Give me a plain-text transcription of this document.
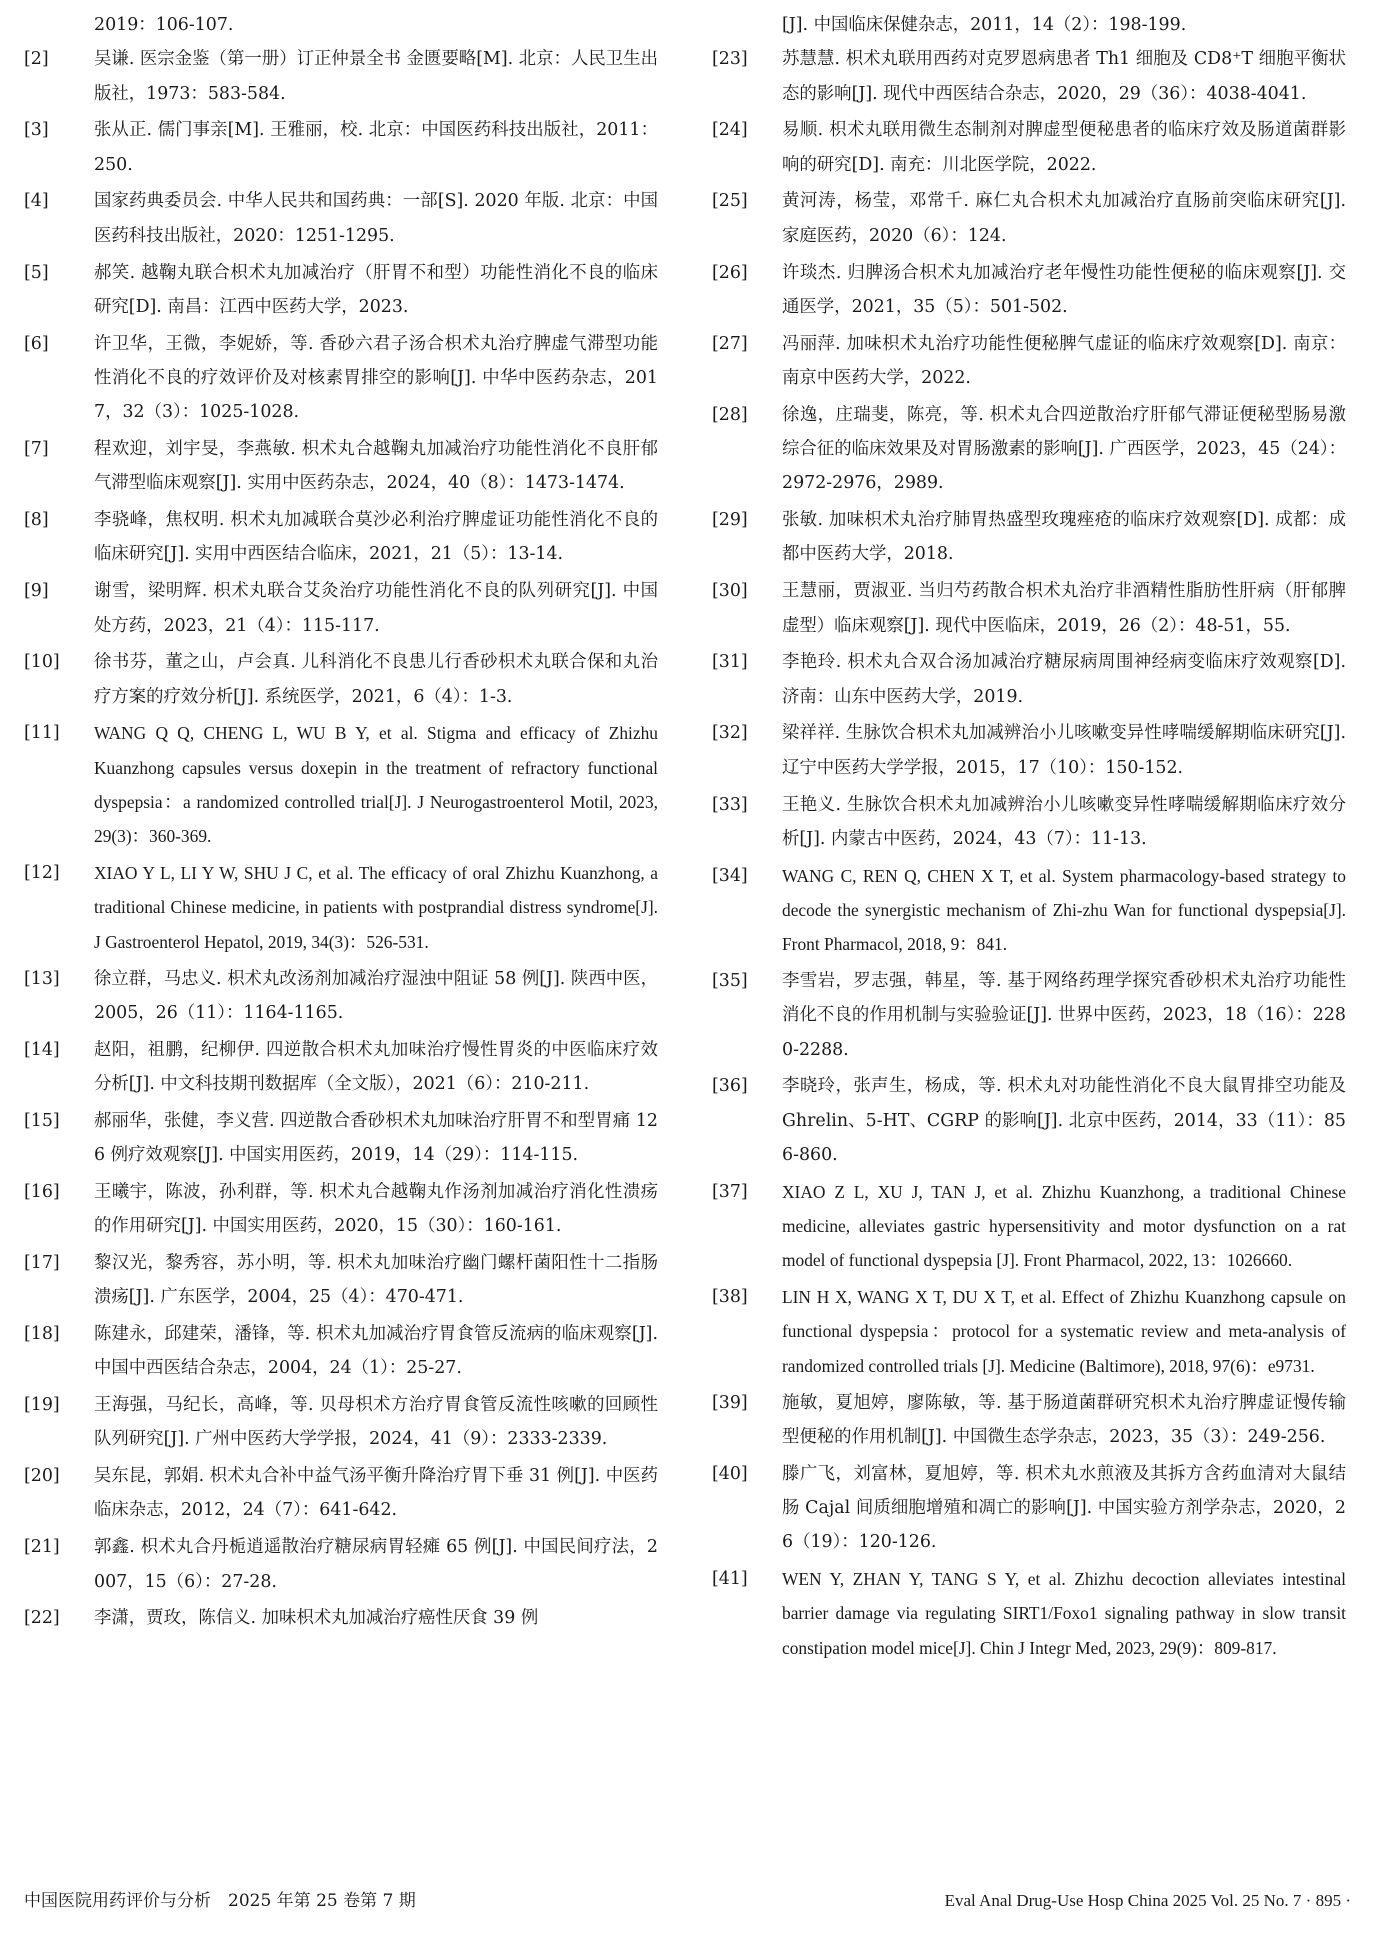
2019：106-107.
[2]	吴谦. 医宗金鉴（第一册）订正仲景全书 金匮要略[M]. 北京：人民卫生出版社，1973：583-584.
[3]	张从正. 儒门事亲[M]. 王雅丽，校. 北京：中国医药科技出版社，2011：250.
[4]	国家药典委员会. 中华人民共和国药典：一部[S]. 2020 年版. 北京：中国医药科技出版社，2020：1251-1295.
[5]	郝笑. 越鞠丸联合枳术丸加减治疗（肝胃不和型）功能性消化不良的临床研究[D]. 南昌：江西中医药大学，2023.
[6]	许卫华，王微，李妮娇，等. 香砂六君子汤合枳术丸治疗脾虚气滞型功能性消化不良的疗效评价及对核素胃排空的影响[J]. 中华中医药杂志，2017，32（3）：1025-1028.
[7]	程欢迎，刘宇旻，李燕敏. 枳术丸合越鞠丸加减治疗功能性消化不良肝郁气滞型临床观察[J]. 实用中医药杂志，2024，40（8）：1473-1474.
[8]	李骁峰，焦权明. 枳术丸加减联合莫沙必利治疗脾虚证功能性消化不良的临床研究[J]. 实用中西医结合临床，2021，21（5）：13-14.
[9]	谢雪，梁明辉. 枳术丸联合艾灸治疗功能性消化不良的队列研究[J]. 中国处方药，2023，21（4）：115-117.
[10]	徐书芬，董之山，卢会真. 儿科消化不良患儿行香砂枳术丸联合保和丸治疗方案的疗效分析[J]. 系统医学，2021，6（4）：1-3.
[11]	WANG Q Q, CHENG L, WU B Y, et al. Stigma and efficacy of Zhizhu Kuanzhong capsules versus doxepin in the treatment of refractory functional dyspepsia：a randomized controlled trial[J]. J Neurogastroenterol Motil, 2023, 29(3)：360-369.
[12]	XIAO Y L, LI Y W, SHU J C, et al. The efficacy of oral Zhizhu Kuanzhong, a traditional Chinese medicine, in patients with postprandial distress syndrome[J]. J Gastroenterol Hepatol, 2019, 34(3)：526-531.
[13]	徐立群，马忠义. 枳术丸改汤剂加减治疗湿浊中阻证 58 例[J]. 陕西中医，2005，26（11）：1164-1165.
[14]	赵阳，祖鹏，纪柳伊. 四逆散合枳术丸加味治疗慢性胃炎的中医临床疗效分析[J]. 中文科技期刊数据库（全文版），2021（6）：210-211.
[15]	郝丽华，张健，李义营. 四逆散合香砂枳术丸加味治疗肝胃不和型胃痛 126 例疗效观察[J]. 中国实用医药，2019，14（29）：114-115.
[16]	王曦宇，陈波，孙利群，等. 枳术丸合越鞠丸作汤剂加减治疗消化性溃疡的作用研究[J]. 中国实用医药，2020，15（30）：160-161.
[17]	黎汉光，黎秀容，苏小明，等. 枳术丸加味治疗幽门螺杆菌阳性十二指肠溃疡[J]. 广东医学，2004，25（4）：470-471.
[18]	陈建永，邱建荣，潘锋，等. 枳术丸加减治疗胃食管反流病的临床观察[J]. 中国中西医结合杂志，2004，24（1）：25-27.
[19]	王海强，马纪长，高峰，等. 贝母枳术方治疗胃食管反流性咳嗽的回顾性队列研究[J]. 广州中医药大学学报，2024，41（9）：2333-2339.
[20]	吴东昆，郭娟. 枳术丸合补中益气汤平衡升降治疗胃下垂 31 例[J]. 中医药临床杂志，2012，24（7）：641-642.
[21]	郭鑫. 枳术丸合丹栀逍遥散治疗糖尿病胃轻瘫 65 例[J]. 中国民间疗法，2007，15（6）：27-28.
[22]	李潇，贾玫，陈信义. 加味枳术丸加减治疗癌性厌食 39 例
[J]. 中国临床保健杂志，2011，14（2）：198-199.
[23]	苏慧慧. 枳术丸联用西药对克罗恩病患者 Th1 细胞及 CD8⁺T 细胞平衡状态的影响[J]. 现代中西医结合杂志，2020，29（36）：4038-4041.
[24]	易顺. 枳术丸联用微生态制剂对脾虚型便秘患者的临床疗效及肠道菌群影响的研究[D]. 南充：川北医学院，2022.
[25]	黄河涛，杨莹，邓常千. 麻仁丸合枳术丸加减治疗直肠前突临床研究[J]. 家庭医药，2020（6）：124.
[26]	许琰杰. 归脾汤合枳术丸加减治疗老年慢性功能性便秘的临床观察[J]. 交通医学，2021，35（5）：501-502.
[27]	冯丽萍. 加味枳术丸治疗功能性便秘脾气虚证的临床疗效观察[D]. 南京：南京中医药大学，2022.
[28]	徐逸，庄瑞斐，陈亮，等. 枳术丸合四逆散治疗肝郁气滞证便秘型肠易激综合征的临床效果及对胃肠激素的影响[J]. 广西医学，2023，45（24）：2972-2976，2989.
[29]	张敏. 加味枳术丸治疗肺胃热盛型玫瑰痤疮的临床疗效观察[D]. 成都：成都中医药大学，2018.
[30]	王慧丽，贾淑亚. 当归芍药散合枳术丸治疗非酒精性脂肪性肝病（肝郁脾虚型）临床观察[J]. 现代中医临床，2019，26（2）：48-51，55.
[31]	李艳玲. 枳术丸合双合汤加减治疗糖尿病周围神经病变临床疗效观察[D]. 济南：山东中医药大学，2019.
[32]	梁祥祥. 生脉饮合枳术丸加减辨治小儿咳嗽变异性哮喘缓解期临床研究[J]. 辽宁中医药大学学报，2015，17（10）：150-152.
[33]	王艳义. 生脉饮合枳术丸加减辨治小儿咳嗽变异性哮喘缓解期临床疗效分析[J]. 内蒙古中医药，2024，43（7）：11-13.
[34]	WANG C, REN Q, CHEN X T, et al. System pharmacology-based strategy to decode the synergistic mechanism of Zhi-zhu Wan for functional dyspepsia[J]. Front Pharmacol, 2018, 9：841.
[35]	李雪岩，罗志强，韩星，等. 基于网络药理学探究香砂枳术丸治疗功能性消化不良的作用机制与实验验证[J]. 世界中医药，2023，18（16）：2280-2288.
[36]	李晓玲，张声生，杨成，等. 枳术丸对功能性消化不良大鼠胃排空功能及 Ghrelin、5-HT、CGRP 的影响[J]. 北京中医药，2014，33（11）：856-860.
[37]	XIAO Z L, XU J, TAN J, et al. Zhizhu Kuanzhong, a traditional Chinese medicine, alleviates gastric hypersensitivity and motor dysfunction on a rat model of functional dyspepsia [J]. Front Pharmacol, 2022, 13：1026660.
[38]	LIN H X, WANG X T, DU X T, et al. Effect of Zhizhu Kuanzhong capsule on functional dyspepsia：protocol for a systematic review and meta-analysis of randomized controlled trials [J]. Medicine (Baltimore), 2018, 97(6)：e9731.
[39]	施敏，夏旭婷，廖陈敏，等. 基于肠道菌群研究枳术丸治疗脾虚证慢传输型便秘的作用机制[J]. 中国微生态学杂志，2023，35（3）：249-256.
[40]	滕广飞，刘富林，夏旭婷，等. 枳术丸水煎液及其拆方含药血清对大鼠结肠 Cajal 间质细胞增殖和凋亡的影响[J]. 中国实验方剂学杂志，2020，26（19）：120-126.
[41]	WEN Y, ZHAN Y, TANG S Y, et al. Zhizhu decoction alleviates intestinal barrier damage via regulating SIRT1/Foxo1 signaling pathway in slow transit constipation model mice[J]. Chin J Integr Med, 2023, 29(9)：809-817.
中国医院用药评价与分析　2025 年第 25 卷第 7 期	Eval Anal Drug-Use Hosp China 2025 Vol. 25 No. 7 · 895 ·
